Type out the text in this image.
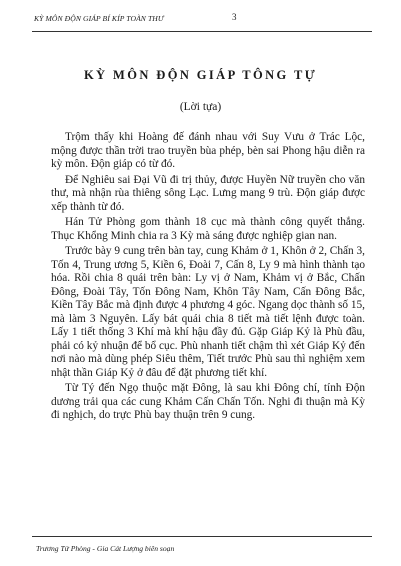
KỲ MÔN ĐỘN GIÁP BÍ KÍP TOÀN THƯ	3
KỲ MÔN ĐỘN GIÁP TÔNG TỰ
(Lời tựa)

Trộm thấy khi Hoàng đế đánh nhau với Suy Vưu ở Trác Lộc, mộng được thần trời trao truyền bùa phép, bèn sai Phong hậu diễn ra kỳ môn. Độn giáp có từ đó.

Để Nghiêu sai Đại Vũ đi trị thủy, được Huyền Nữ truyền cho văn thư, mà nhận rùa thiêng sông Lạc. Lưng mang 9 trù. Độn giáp được xếp thành từ đó.

Hán Tử Phòng gom thành 18 cục mà thành công quyết thắng. Thục Khổng Minh chia ra 3 Kỳ mà sáng được nghiệp gian nan.

Trước bày 9 cung trên bàn tay, cung Khảm ở 1, Khôn ở 2, Chấn 3, Tốn 4, Trung ương 5, Kiền 6, Đoài 7, Cấn 8, Ly 9 mà hình thành tạo hóa. Rồi chia 8 quái trên bàn: Ly vị ở Nam, Khảm vị ở Bắc, Chấn Đông, Đoài Tây, Tốn Đông Nam, Khôn Tây Nam, Cấn Đông Bắc, Kiền Tây Bắc mà định được 4 phương 4 góc. Ngang dọc thành số 15, mà làm 3 Nguyên. Lấy bát quái chia 8 tiết mà tiết lệnh được toàn. Lấy 1 tiết thống 3 Khí mà khí hậu đầy đủ. Gặp Giáp Kỷ là Phù đầu, phải có kỷ nhuận để bổ cục. Phù nhanh tiết chậm thì xét Giáp Kỷ đến nơi nào mà dùng phép Siêu thêm, Tiết trước Phù sau thì nghiệm xem nhật thần Giáp Kỷ ở đâu để đặt phương tiết khí.

Từ Tý đến Ngọ thuộc mặt Đông, là sau khi Đông chí, tính Độn dương trải qua các cung Khảm Cấn Chấn Tốn. Nghi đi thuận mà Kỳ đi nghịch, do trực Phù bay thuận trên 9 cung.

Trương Tử Phòng - Gia Cát Lượng biên soạn
